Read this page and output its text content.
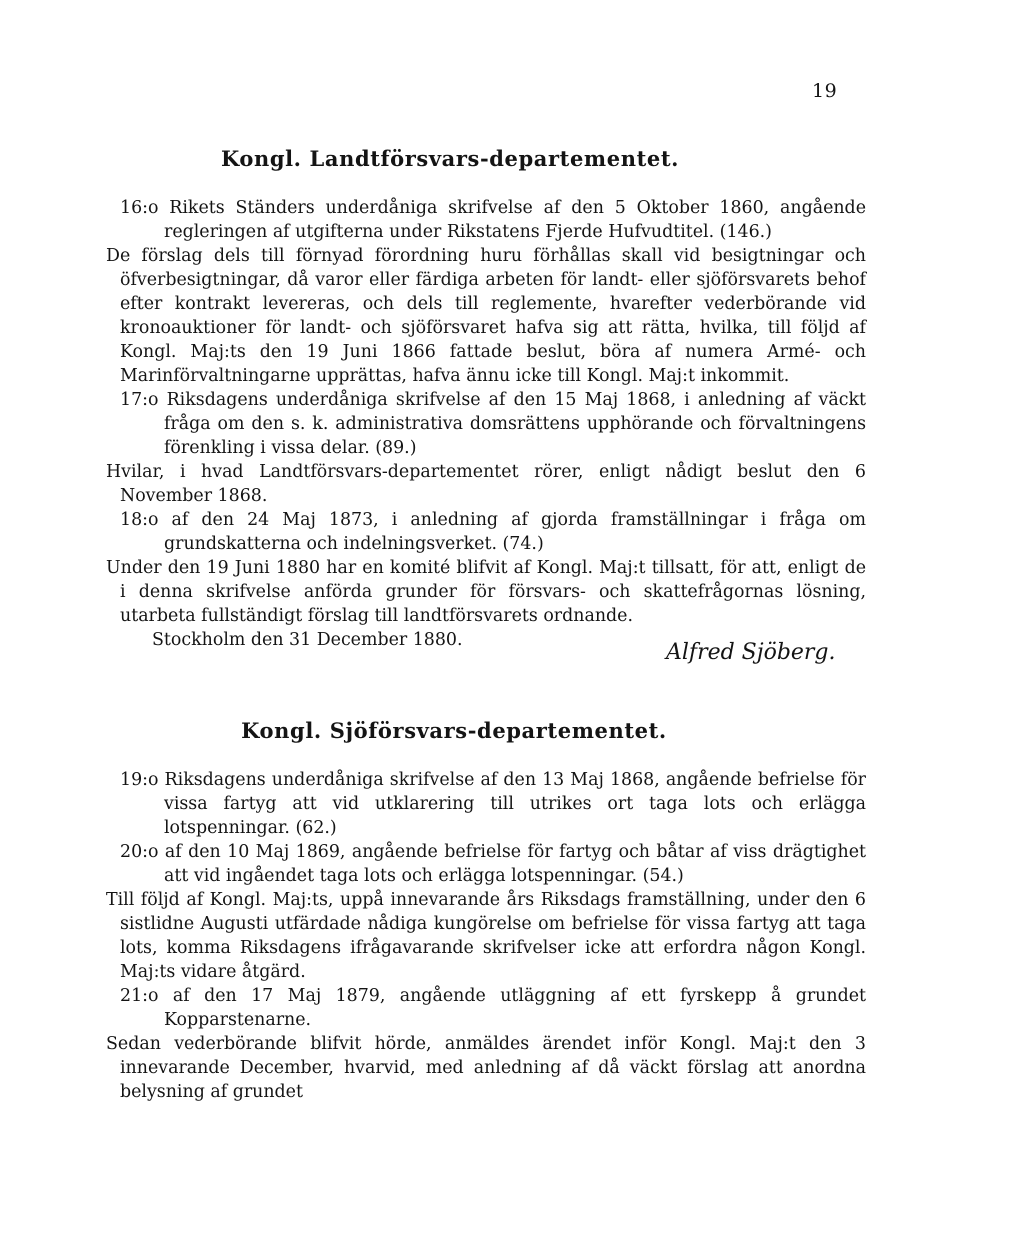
19
Kongl. Landtförsvars-departementet.
16:o Rikets Ständers underdåniga skrifvelse af den 5 Oktober 1860, angående regleringen af utgifterna under Rikstatens Fjerde Hufvudtitel. (146.)
De förslag dels till förnyad förordning huru förhållas skall vid besigtningar och öfverbesigtningar, då varor eller färdiga arbeten för landt- eller sjöförsvarets behof efter kontrakt levereras, och dels till reglemente, hvarefter vederbörande vid kronoauktioner för landt- och sjöförsvaret hafva sig att rätta, hvilka, till följd af Kongl. Maj:ts den 19 Juni 1866 fattade beslut, böra af numera Armé- och Marinförvaltningarne upprättas, hafva ännu icke till Kongl. Maj:t inkommit.
17:o Riksdagens underdåniga skrifvelse af den 15 Maj 1868, i anledning af väckt fråga om den s. k. administrativa domsrättens upphörande och förvaltningens förenkling i vissa delar. (89.)
Hvilar, i hvad Landtförsvars-departementet rörer, enligt nådigt beslut den 6 November 1868.
18:o af den 24 Maj 1873, i anledning af gjorda framställningar i fråga om grundskatterna och indelningsverket. (74.)
Under den 19 Juni 1880 har en komité blifvit af Kongl. Maj:t tillsatt, för att, enligt de i denna skrifvelse anförda grunder för försvars- och skattefrågornas lösning, utarbeta fullständigt förslag till landtförsvarets ordnande.
Stockholm den 31 December 1880.	Alfred Sjöberg.
Kongl. Sjöförsvars-departementet.
19:o Riksdagens underdåniga skrifvelse af den 13 Maj 1868, angående befrielse för vissa fartyg att vid utklarering till utrikes ort taga lots och erlägga lotspenningar. (62.)
20:o af den 10 Maj 1869, angående befrielse för fartyg och båtar af viss drägtighet att vid ingåendet taga lots och erlägga lotspenningar. (54.)
Till följd af Kongl. Maj:ts, uppå innevarande års Riksdags framställning, under den 6 sistlidne Augusti utfärdade nådiga kungörelse om befrielse för vissa fartyg att taga lots, komma Riksdagens ifrågavarande skrifvelser icke att erfordra någon Kongl. Maj:ts vidare åtgärd.
21:o af den 17 Maj 1879, angående utläggning af ett fyrskepp å grundet Kopparstenarne.
Sedan vederbörande blifvit hörde, anmäldes ärendet inför Kongl. Maj:t den 3 innevarande December, hvarvid, med anledning af då väckt förslag att anordna belysning af grundet
